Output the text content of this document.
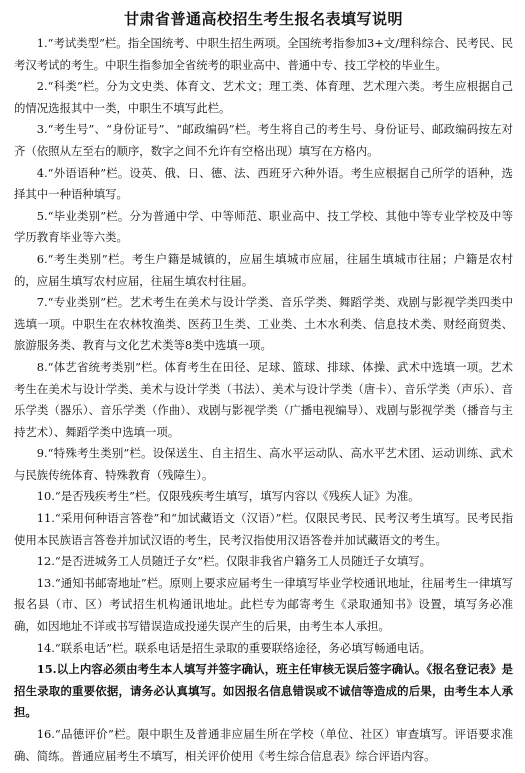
甘肃省普通高校招生考生报名表填写说明

1.“考试类型”栏。指全国统考、中职生招生两项。全国统考指参加3+文/理科综合、民考民、民考汉考试的考生。中职生指参加全省统考的职业高中、普通中专、技工学校的毕业生。

2.“科类”栏。分为文史类、体育文、艺术文；理工类、体育理、艺术理六类。考生应根据自己的情况选报其中一类，中职生不填写此栏。

3.“考生号”、“身份证号”、“邮政编码”栏。考生将自己的考生号、身份证号、邮政编码按左对齐（依照从左至右的顺序，数字之间不允许有空格出现）填写在方格内。

4.“外语语种”栏。设英、俄、日、德、法、西班牙六种外语。考生应根据自己所学的语种，选择其中一种语种填写。

5.“毕业类别”栏。分为普通中学、中等师范、职业高中、技工学校、其他中等专业学校及中等学历教育毕业等六类。

6.“考生类别”栏。考生户籍是城镇的，应届生填城市应届，往届生填城市往届；户籍是农村的，应届生填写农村应届，往届生填农村往届。

7.“专业类别”栏。艺术考生在美术与设计学类、音乐学类、舞蹈学类、戏剧与影视学类四类中选填一项。中职生在农林牧渔类、医药卫生类、工业类、土木水利类、信息技术类、财经商贸类、旅游服务类、教育与文化艺术类等8类中选填一项。

8.“体艺省统考类别”栏。体育考生在田径、足球、篮球、排球、体操、武术中选填一项。艺术考生在美术与设计学类、美术与设计学类（书法）、美术与设计学类（唐卡）、音乐学类（声乐）、音乐学类（器乐）、音乐学类（作曲）、戏剧与影视学类（广播电视编导）、戏剧与影视学类（播音与主持艺术）、舞蹈学类中选填一项。

9.“特殊考生类别”栏。设保送生、自主招生、高水平运动队、高水平艺术团、运动训练、武术与民族传统体育、特殊教育（残障生）。

10.“是否残疾考生”栏。仅限残疾考生填写，填写内容以《残疾人证》为准。

11.“采用何种语言答卷”和“加试藏语文（汉语）”栏。仅限民考民、民考汉考生填写。民考民指使用本民族语言答卷并加试汉语的考生，民考汉指使用汉语答卷并加试藏语文的考生。

12.“是否进城务工人员随迁子女”栏。仅限非我省户籍务工人员随迁子女填写。

13.“通知书邮寄地址”栏。原则上要求应届考生一律填写毕业学校通讯地址，往届考生一律填写报名县（市、区）考试招生机构通讯地址。此栏专为邮寄考生《录取通知书》设置，填写务必准确，如因地址不详或书写错误造成投递失误产生的后果，由考生本人承担。

14.“联系电话”栏。联系电话是招生录取的重要联络途径，务必填写畅通电话。

15.以上内容必须由考生本人填写并签字确认，班主任审核无误后签字确认。《报名登记表》是招生录取的重要依据，请务必认真填写。如因报名信息错误或不诚信等造成的后果，由考生本人承担。

16.“品德评价”栏。限中职生及普通非应届生所在学校（单位、社区）审查填写。评语要求准确、简练。普通应届考生不填写，相关评价使用《考生综合信息表》综合评语内容。
